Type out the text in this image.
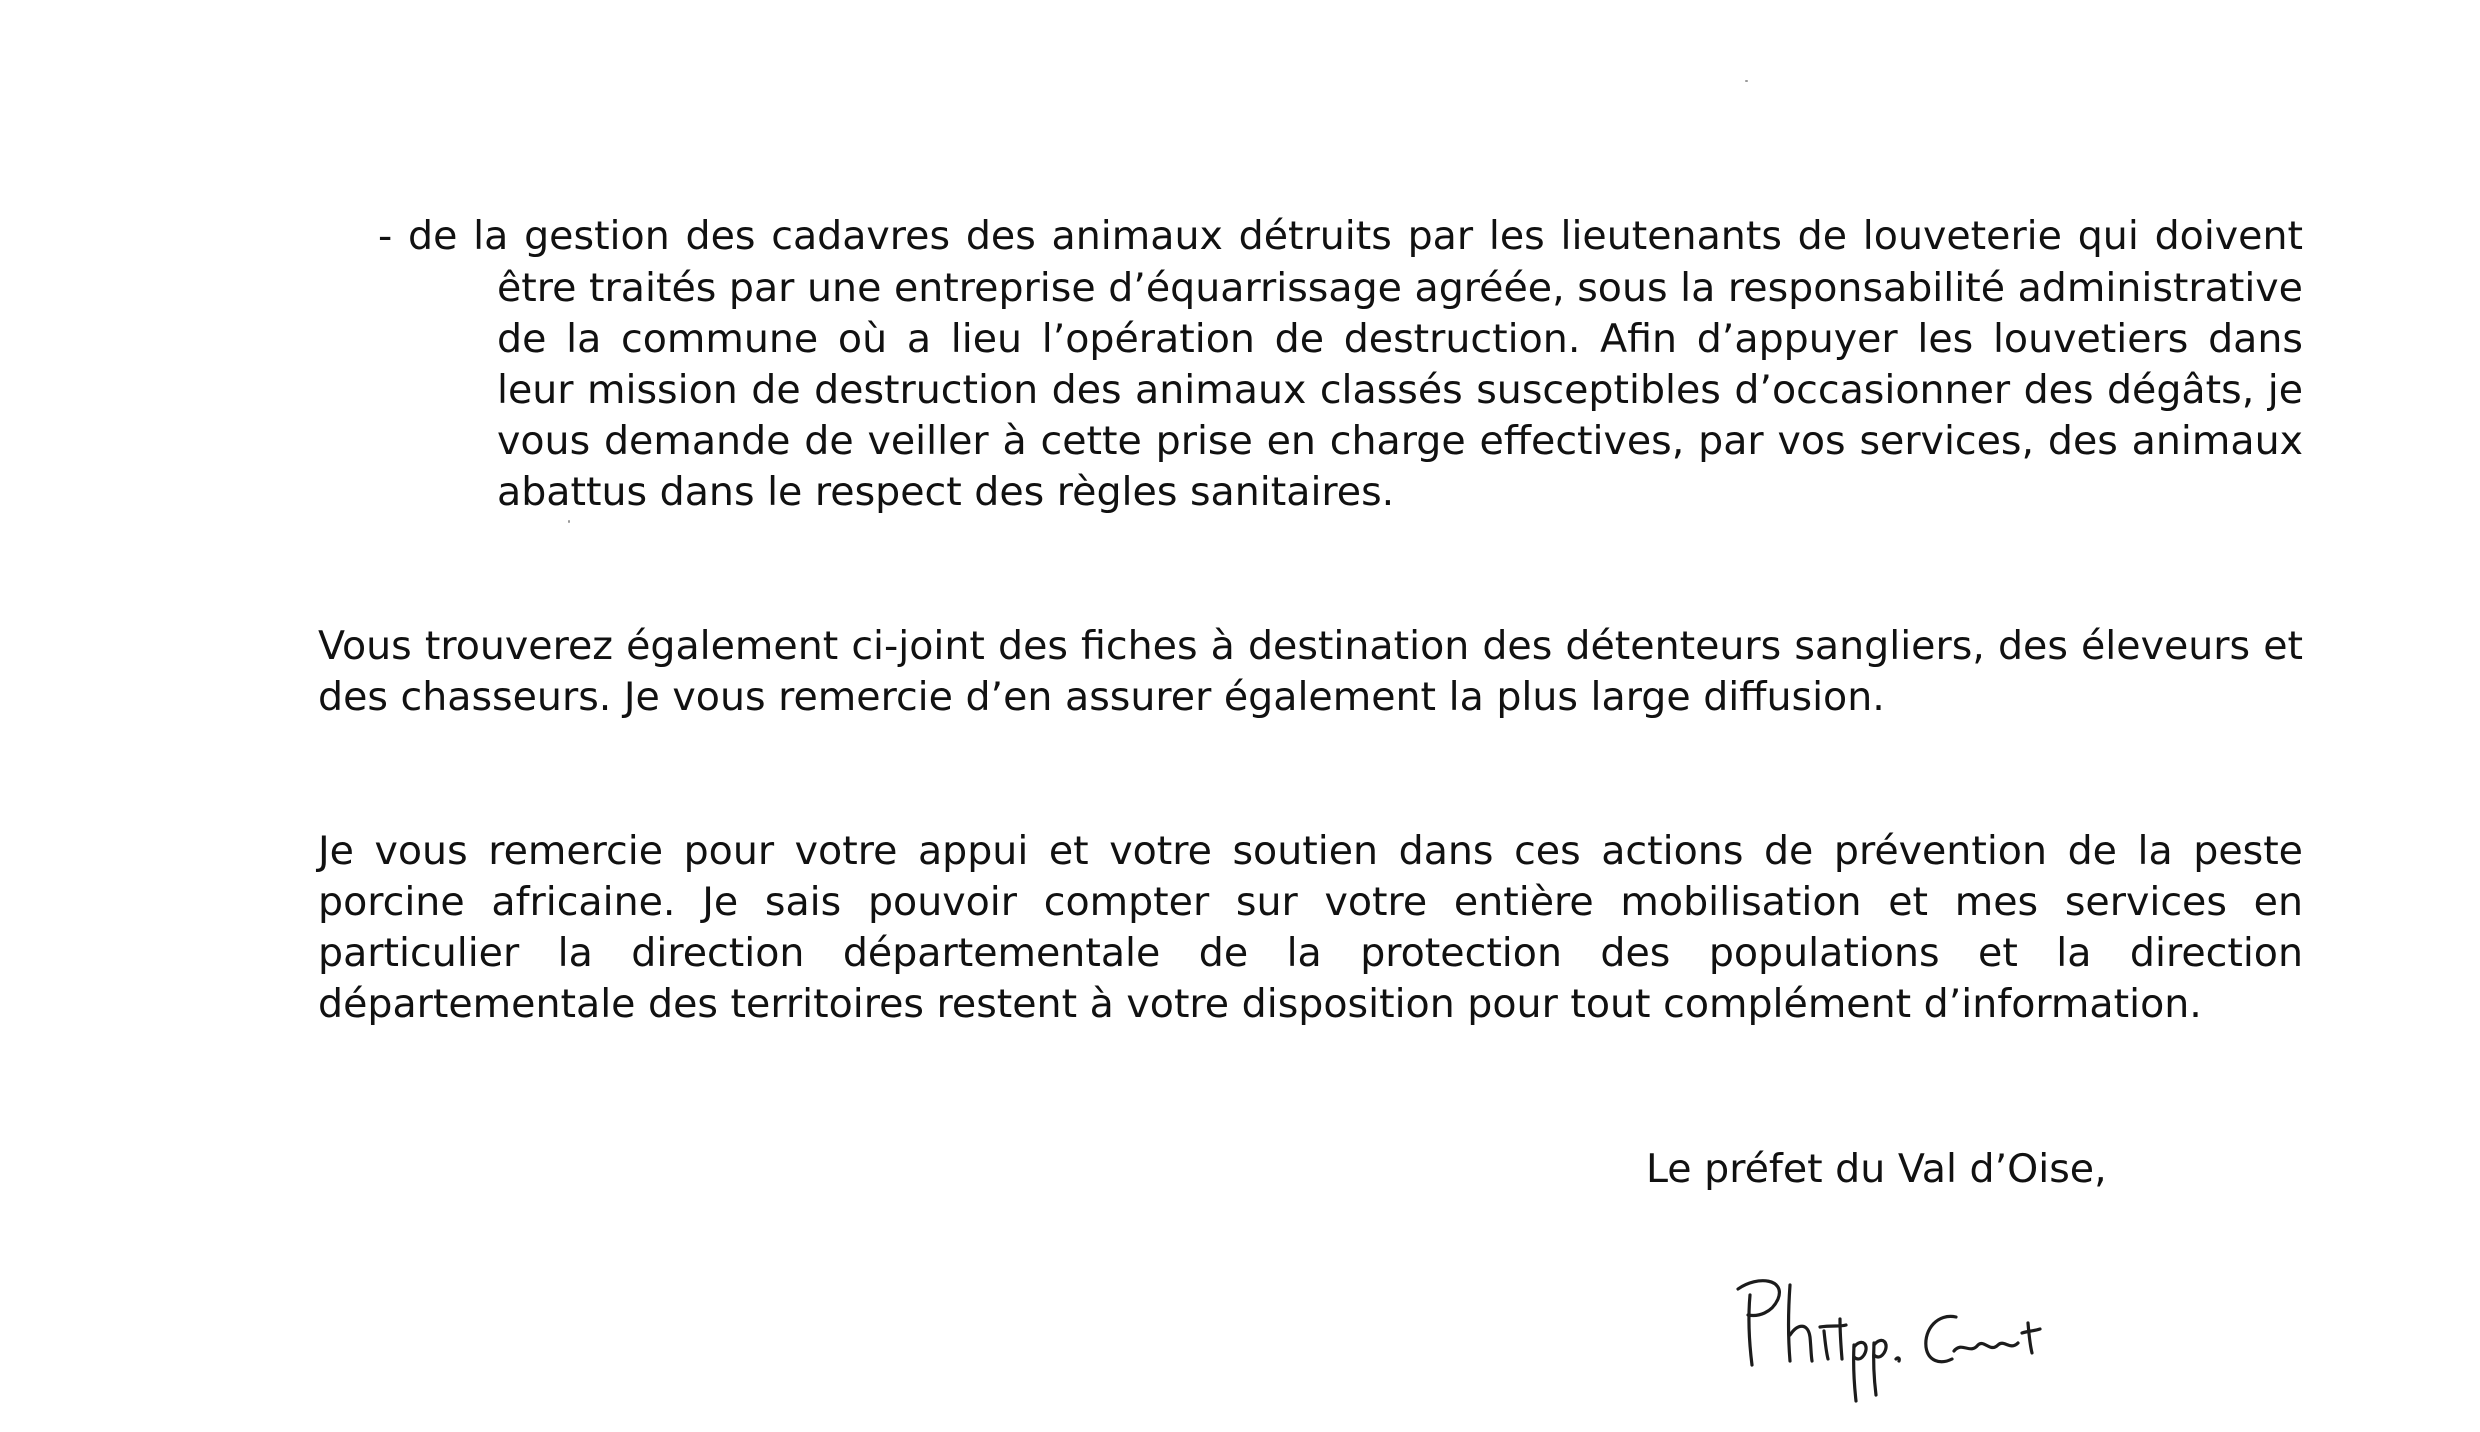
- de la gestion des cadavres des animaux détruits par les lieutenants de louveterie qui doivent
être traités par une entreprise d’équarrissage agréée, sous la responsabilité administrative
de la commune où a lieu l’opération de destruction. Afin d’appuyer les louvetiers dans
leur mission de destruction des animaux classés susceptibles d’occasionner des dégâts, je
vous demande de veiller à cette prise en charge effectives, par vos services, des animaux
abattus dans le respect des règles sanitaires.
Vous trouverez également ci-joint des fiches à destination des détenteurs sangliers, des éleveurs et
des chasseurs. Je vous remercie d’en assurer également la plus large diffusion.
Je vous remercie pour votre appui et votre soutien dans ces actions de prévention de la peste
porcine africaine. Je sais pouvoir compter sur votre entière mobilisation et mes services en
particulier la direction départementale de la protection des populations et la direction
départementale des territoires restent à votre disposition pour tout complément d’information.
Le préfet du Val d’Oise,
